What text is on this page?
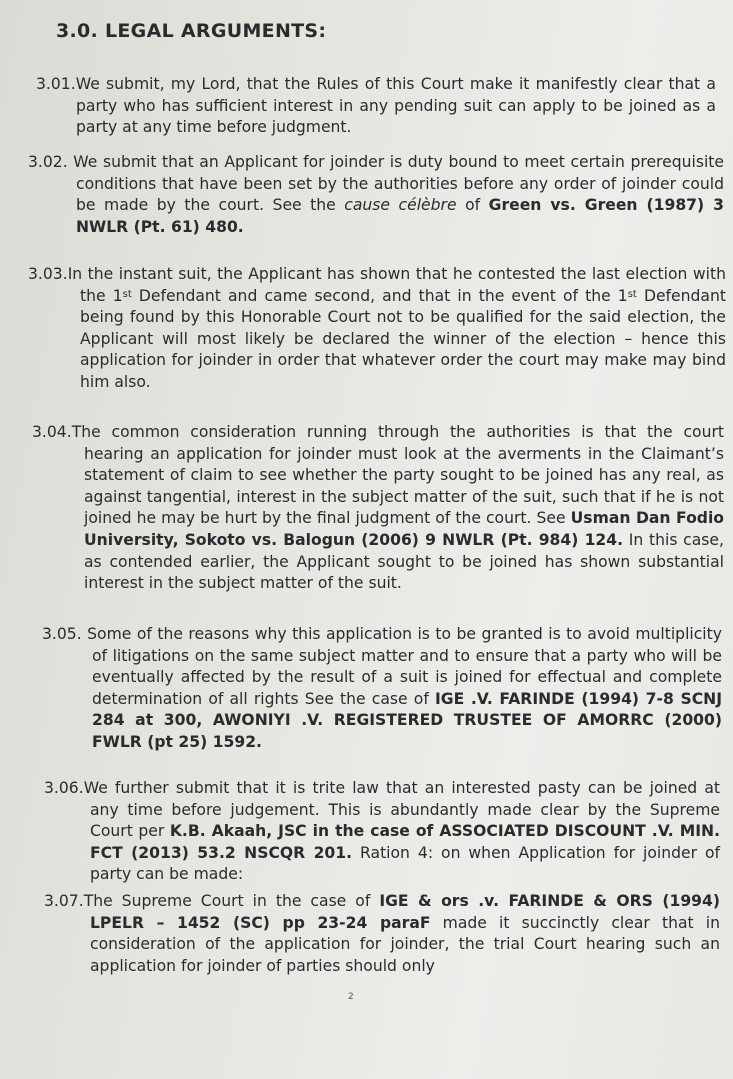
3.0. LEGAL ARGUMENTS:
3.01.We submit, my Lord, that the Rules of this Court make it manifestly clear that a party who has sufficient interest in any pending suit can apply to be joined as a party at any time before judgment.
3.02. We submit that an Applicant for joinder is duty bound to meet certain prerequisite conditions that have been set by the authorities before any order of joinder could be made by the court. See the cause célèbre of Green vs. Green (1987) 3 NWLR (Pt. 61) 480.
3.03.In the instant suit, the Applicant has shown that he contested the last election with the 1st Defendant and came second, and that in the event of the 1st Defendant being found by this Honorable Court not to be qualified for the said election, the Applicant will most likely be declared the winner of the election – hence this application for joinder in order that whatever order the court may make may bind him also.
3.04.The common consideration running through the authorities is that the court hearing an application for joinder must look at the averments in the Claimant’s statement of claim to see whether the party sought to be joined has any real, as against tangential, interest in the subject matter of the suit, such that if he is not joined he may be hurt by the final judgment of the court. See Usman Dan Fodio University, Sokoto vs. Balogun (2006) 9 NWLR (Pt. 984) 124. In this case, as contended earlier, the Applicant sought to be joined has shown substantial interest in the subject matter of the suit.
3.05. Some of the reasons why this application is to be granted is to avoid multiplicity of litigations on the same subject matter and to ensure that a party who will be eventually affected by the result of a suit is joined for effectual and complete determination of all rights See the case of IGE .V. FARINDE (1994) 7-8 SCNJ 284 at 300, AWONIYI .V. REGISTERED TRUSTEE OF AMORRC (2000) FWLR (pt 25) 1592.
3.06.We further submit that it is trite law that an interested pasty can be joined at any time before judgement. This is abundantly made clear by the Supreme Court per K.B. Akaah, JSC in the case of ASSOCIATED DISCOUNT .V. MIN. FCT (2013) 53.2 NSCQR 201. Ration 4: on when Application for joinder of party can be made:
3.07.The Supreme Court in the case of IGE & ors .v. FARINDE & ORS (1994) LPELR – 1452 (SC) pp 23-24 paraF made it succinctly clear that in consideration of the application for joinder, the trial Court hearing such an application for joinder of parties should only
2
